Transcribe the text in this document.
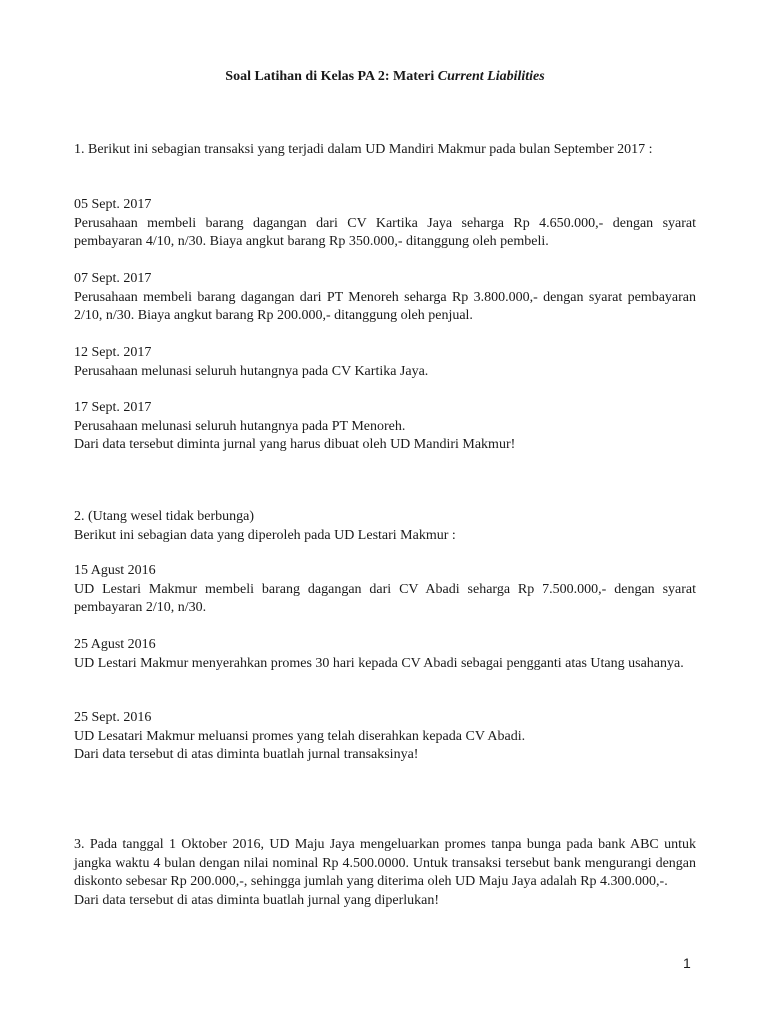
Soal Latihan di Kelas PA 2: Materi Current Liabilities

1. Berikut ini sebagian transaksi yang terjadi dalam UD Mandiri Makmur pada bulan September 2017 :

05 Sept. 2017

Perusahaan membeli barang dagangan dari CV Kartika Jaya seharga Rp 4.650.000,- dengan syarat pembayaran 4/10, n/30. Biaya angkut barang Rp 350.000,- ditanggung oleh pembeli.

07 Sept. 2017

Perusahaan membeli barang dagangan dari PT Menoreh seharga Rp 3.800.000,- dengan syarat pembayaran 2/10, n/30. Biaya angkut barang Rp 200.000,- ditanggung oleh penjual.

12 Sept. 2017

Perusahaan melunasi seluruh hutangnya pada CV Kartika Jaya.

17 Sept. 2017

Perusahaan melunasi seluruh hutangnya pada PT Menoreh.

Dari data tersebut diminta jurnal yang harus dibuat oleh UD Mandiri Makmur!

2. (Utang wesel tidak berbunga)

Berikut ini sebagian data yang diperoleh pada UD Lestari Makmur :

15 Agust 2016

UD Lestari Makmur membeli barang dagangan dari CV Abadi seharga Rp 7.500.000,- dengan syarat pembayaran 2/10, n/30.

25 Agust 2016

UD Lestari Makmur menyerahkan promes 30 hari kepada CV Abadi sebagai pengganti atas Utang usahanya.

25 Sept. 2016

UD Lesatari Makmur meluansi promes yang telah diserahkan kepada CV Abadi.

Dari data tersebut di atas diminta buatlah jurnal transaksinya!

3. Pada tanggal 1 Oktober 2016, UD Maju Jaya mengeluarkan promes tanpa bunga pada bank ABC untuk jangka waktu 4 bulan dengan nilai nominal Rp 4.500.0000. Untuk transaksi tersebut bank mengurangi dengan diskonto sebesar Rp 200.000,-, sehingga jumlah yang diterima oleh UD Maju Jaya adalah Rp 4.300.000,-.

Dari data tersebut di atas diminta buatlah jurnal yang diperlukan!

1
